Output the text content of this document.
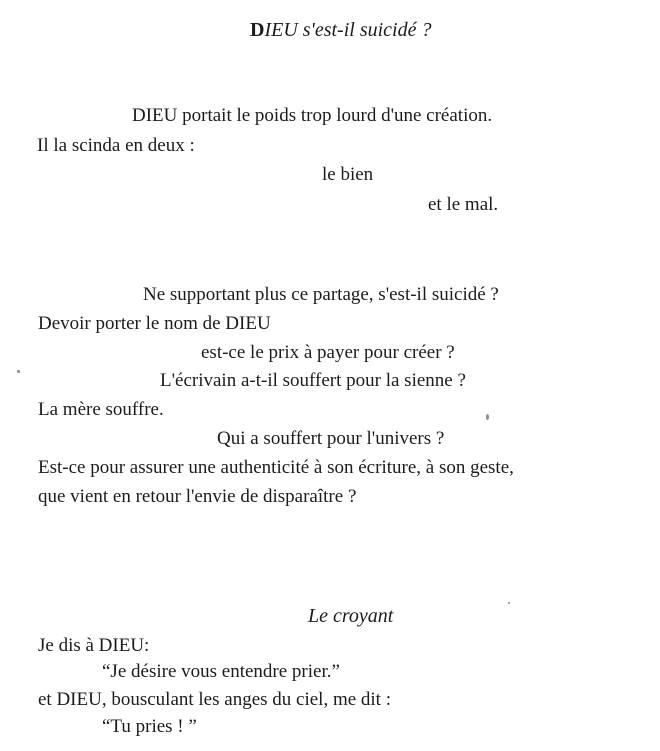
DIEU s'est-il suicidé ?
DIEU portait le poids trop lourd d'une création.
Il la scinda en deux :
le bien
et le mal.
Ne supportant plus ce partage, s'est-il suicidé ?
Devoir porter le nom de DIEU
est-ce le prix à payer pour créer ?
L'écrivain a-t-il souffert pour la sienne ?
La mère souffre.
Qui a souffert pour l'univers ?
Est-ce pour assurer une authenticité à son écriture, à son geste,
que vient en retour l'envie de disparaître ?
Le croyant
Je dis à DIEU:
“Je désire vous entendre prier.”
et DIEU, bousculant les anges du ciel, me dit :
“Tu pries ! ”
